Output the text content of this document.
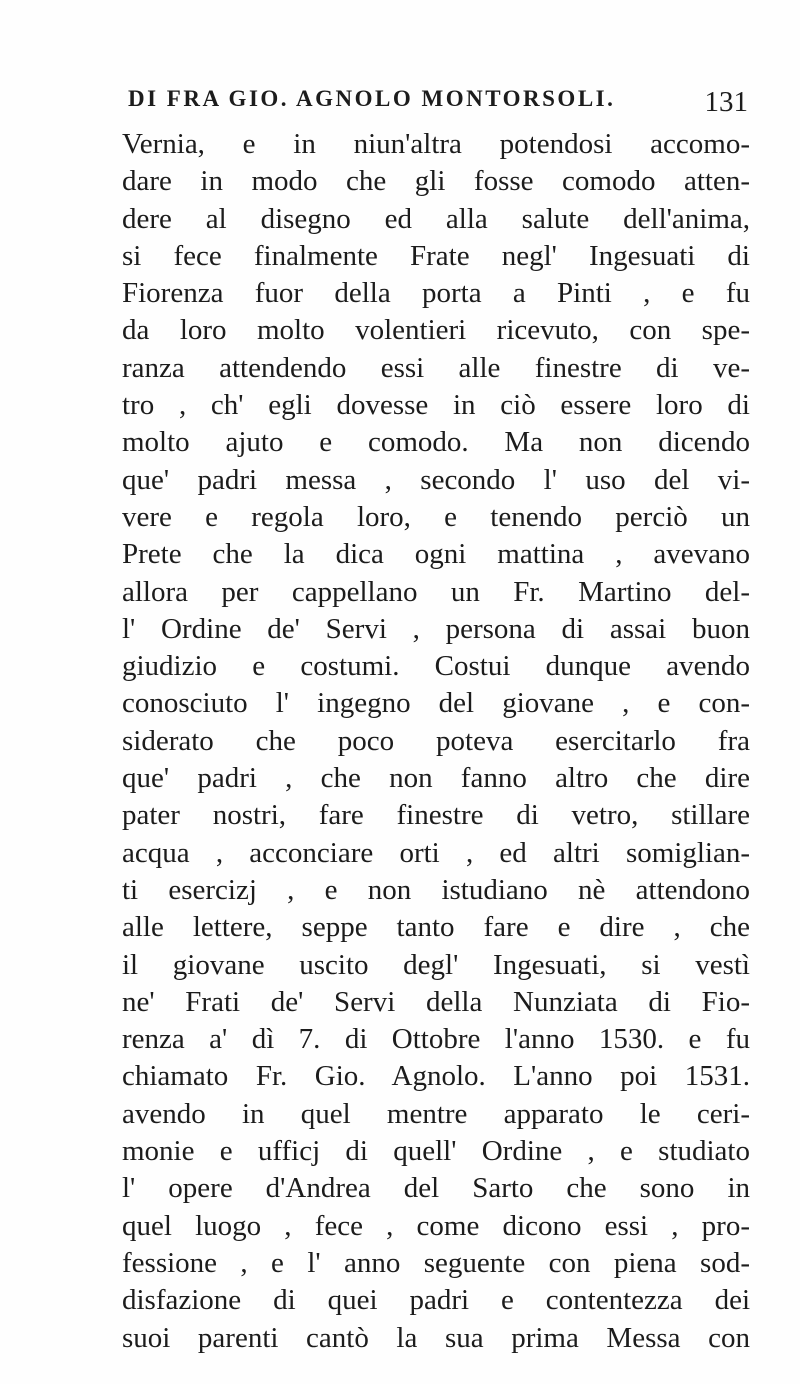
DI FRA GIO. AGNOLO MONTORSOLI.	131
Vernia, e in niun'altra potendosi accomo-
dare in modo che gli fosse comodo atten-
dere al disegno ed alla salute dell'anima,
si fece finalmente Frate negl' Ingesuati di
Fiorenza fuor della porta a Pinti , e fu
da loro molto volentieri ricevuto, con spe-
ranza attendendo essi alle finestre di ve-
tro , ch' egli dovesse in ciò essere loro di
molto ajuto e comodo. Ma non dicendo
que' padri messa , secondo l' uso del vi-
vere e regola loro, e tenendo perciò un
Prete che la dica ogni mattina , avevano
allora per cappellano un Fr. Martino del-
l' Ordine de' Servi , persona di assai buon
giudizio e costumi. Costui dunque avendo
conosciuto l' ingegno del giovane , e con-
siderato che poco poteva esercitarlo fra
que' padri , che non fanno altro che dire
pater nostri, fare finestre di vetro, stillare
acqua , acconciare orti , ed altri somiglian-
ti esercizj , e non istudiano nè attendono
alle lettere, seppe tanto fare e dire , che
il giovane uscito degl' Ingesuati, si vestì
ne' Frati de' Servi della Nunziata di Fio-
renza a' dì 7. di Ottobre l'anno 1530. e fu
chiamato Fr. Gio. Agnolo. L'anno poi 1531.
avendo in quel mentre apparato le ceri-
monie e ufficj di quell' Ordine , e studiato
l' opere d'Andrea del Sarto che sono in
quel luogo , fece , come dicono essi , pro-
fessione , e l' anno seguente con piena sod-
disfazione di quei padri e contentezza dei
suoi parenti cantò la sua prima Messa con
